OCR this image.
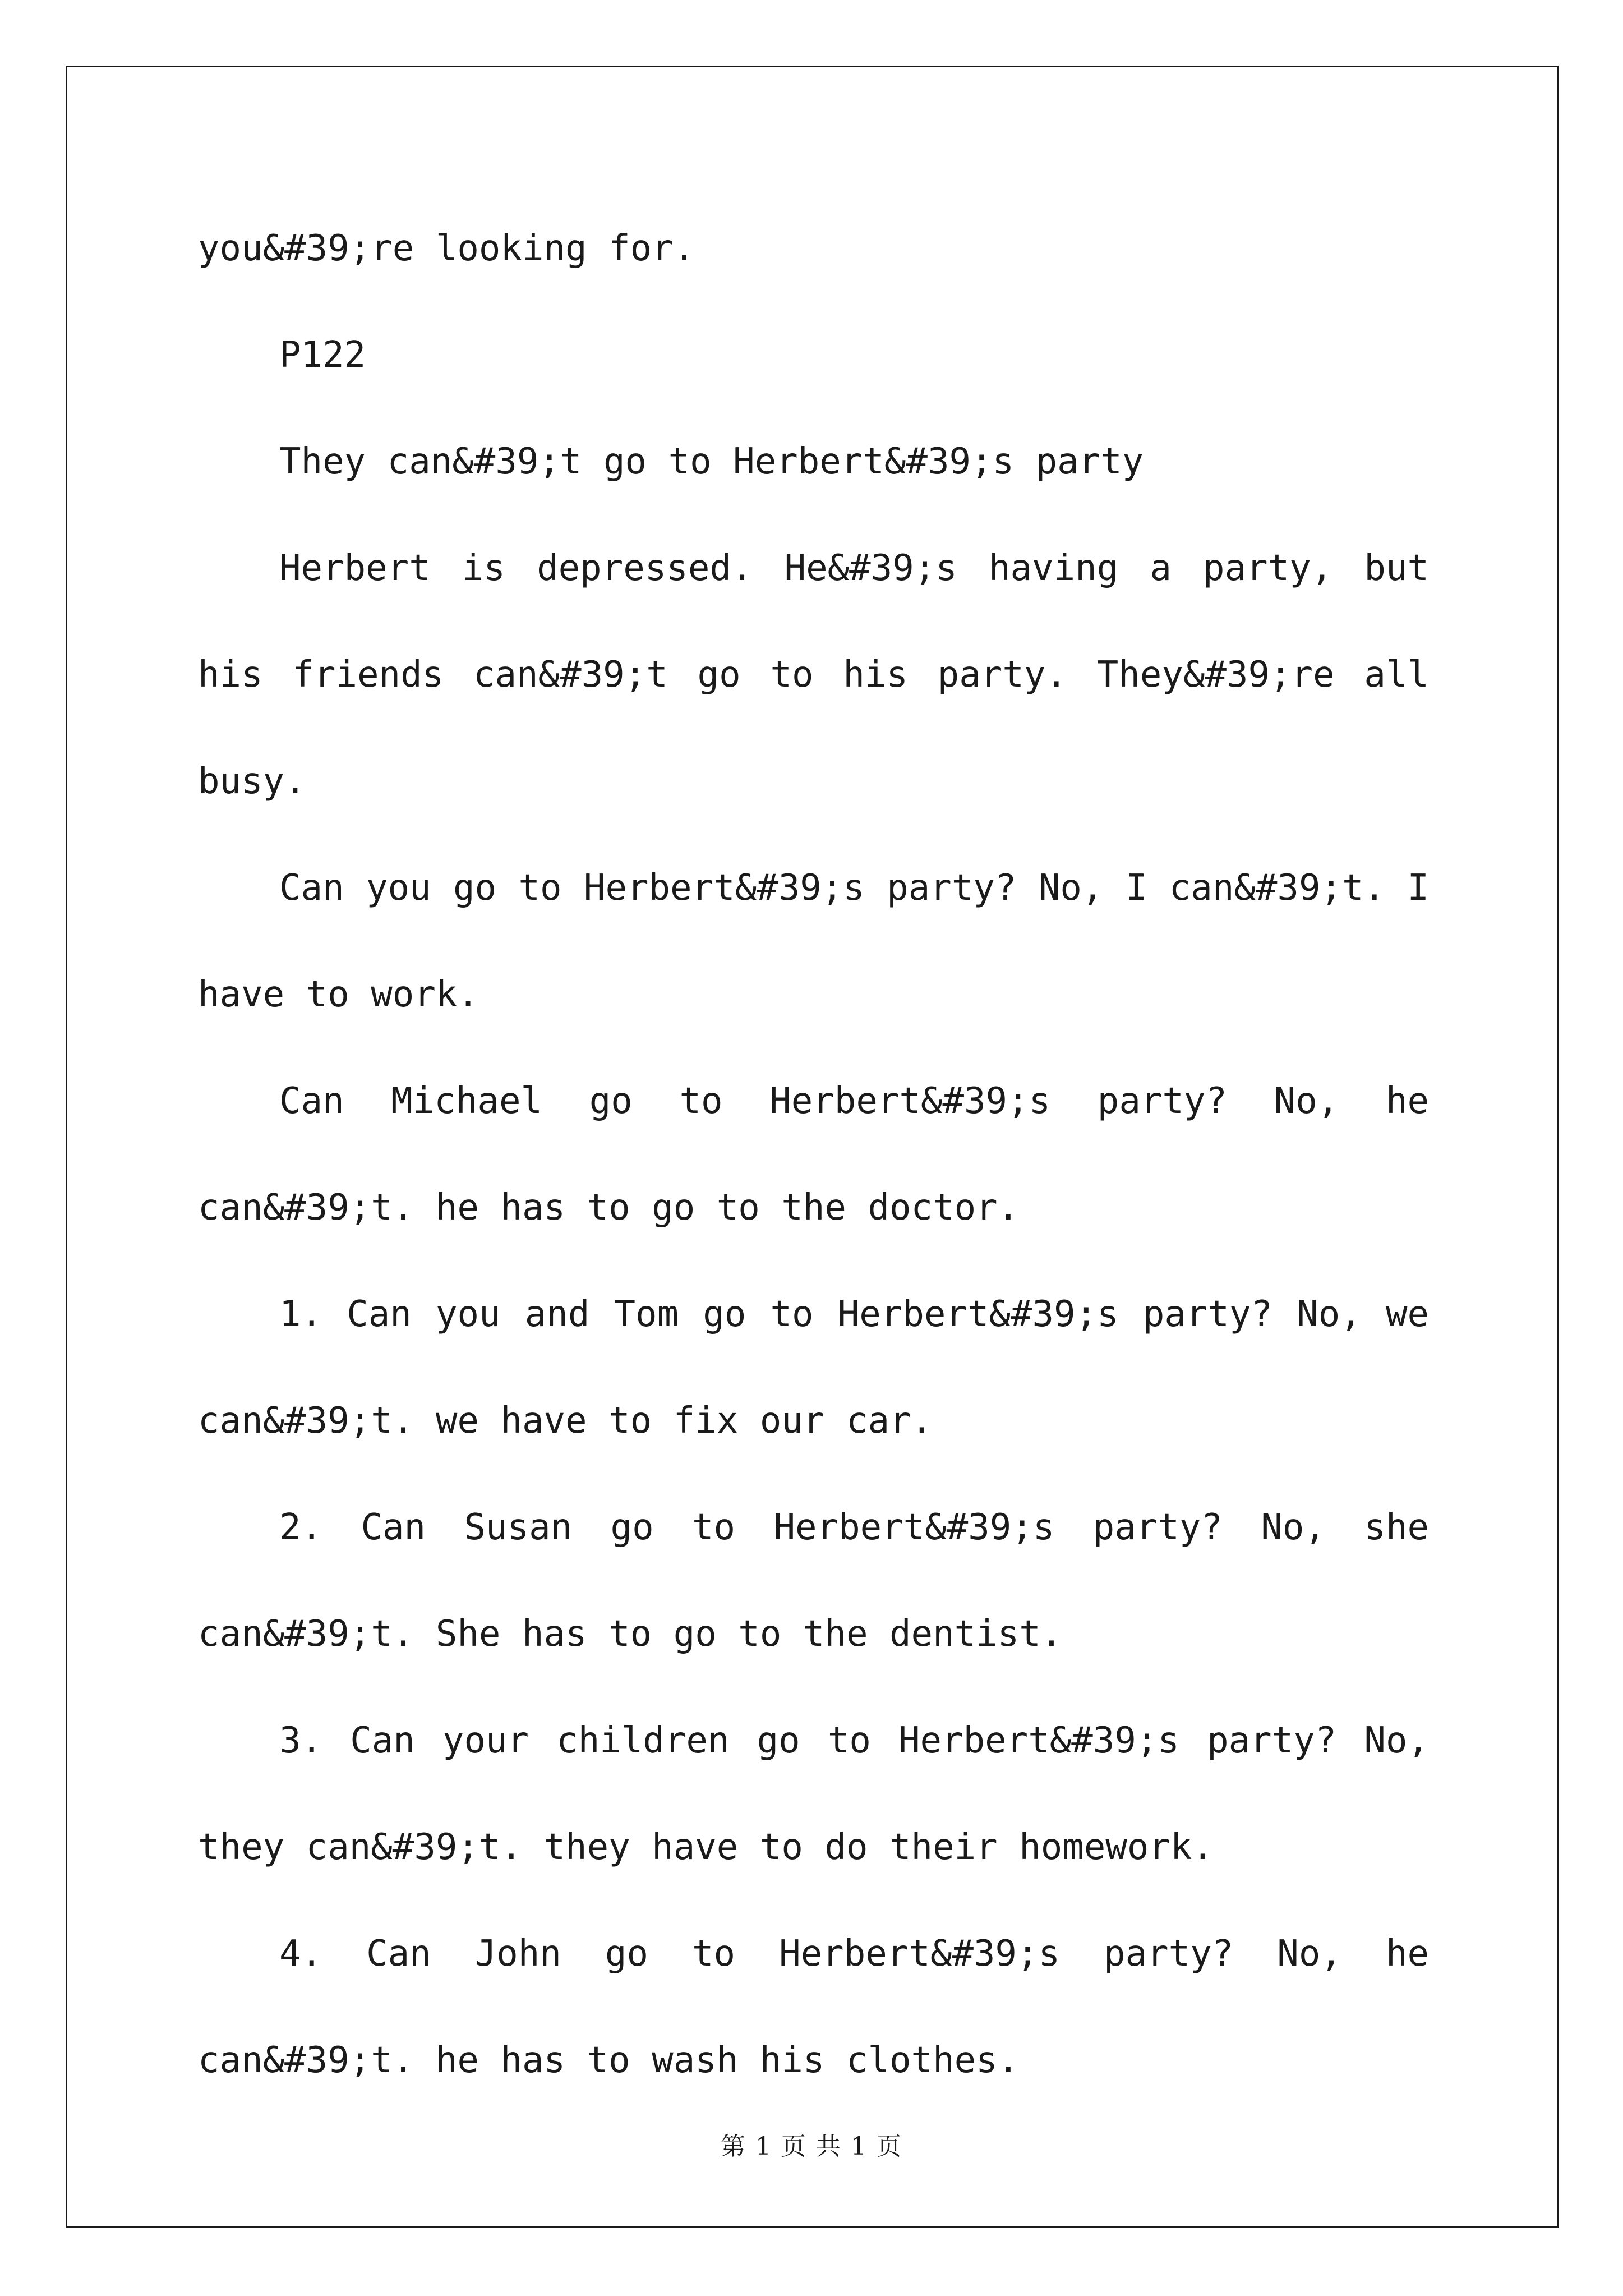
you&#39;re looking for.

P122

They can&#39;t go to Herbert&#39;s party

Herbert is depressed. He&#39;s having a party, but his friends can&#39;t go to his party. They&#39;re all busy.

Can you go to Herbert&#39;s party? No, I can&#39;t. I have to work.

Can Michael go to Herbert&#39;s party? No, he can&#39;t. he has to go to the doctor.

1. Can you and Tom go to Herbert&#39;s party? No, we can&#39;t. we have to fix our car.

2. Can Susan go to Herbert&#39;s party? No, she can&#39;t. She has to go to the dentist.

3. Can your children go to Herbert&#39;s party? No, they can&#39;t. they have to do their homework.

4. Can John go to Herbert&#39;s party? No, he can&#39;t. he has to wash his clothes.

第 1 页 共 1 页
